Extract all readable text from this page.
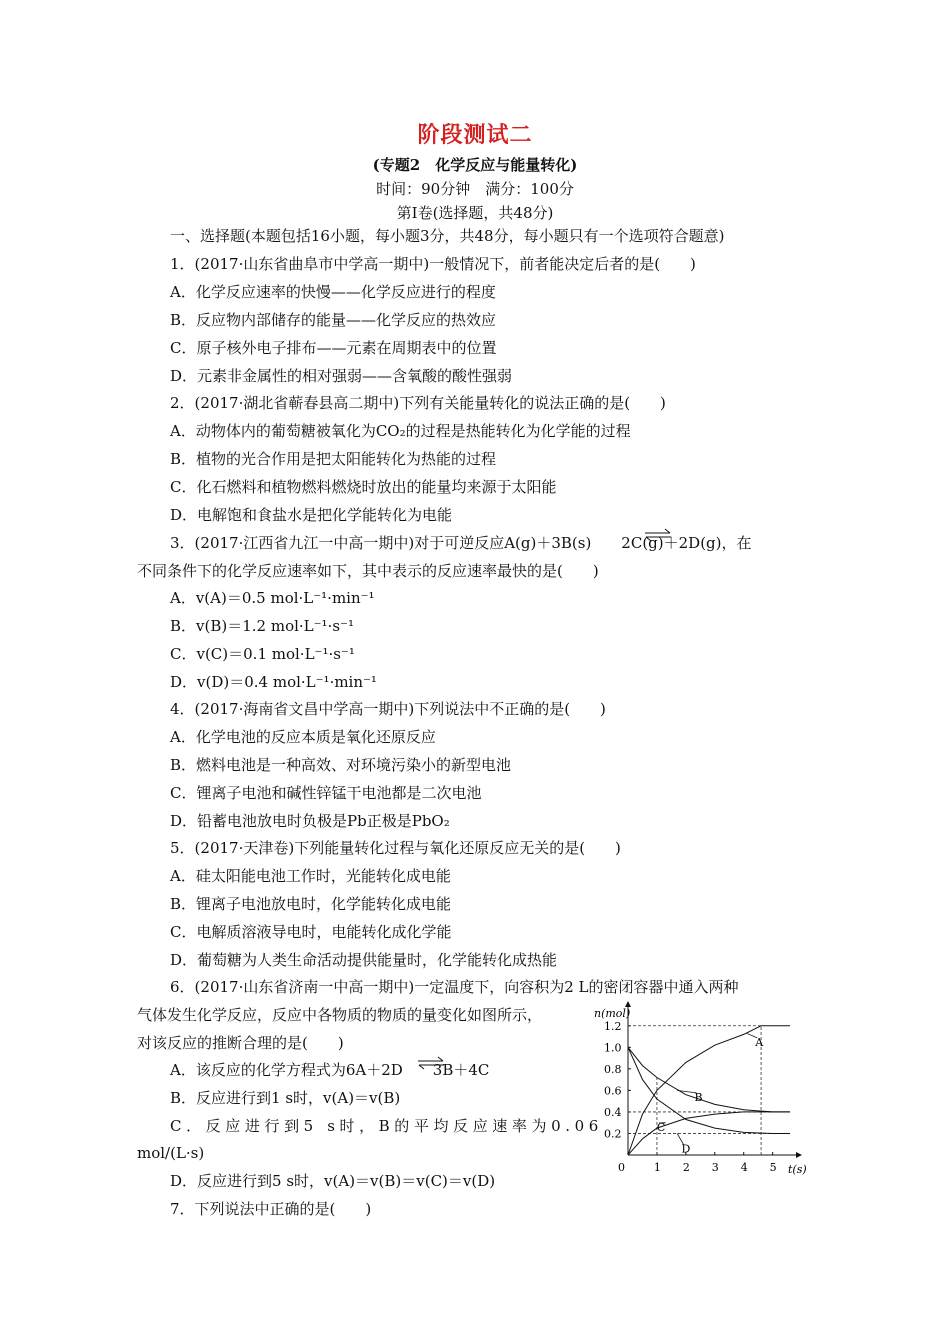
阶段测试二
(专题2　化学反应与能量转化)
时间：90分钟　满分：100分
第Ⅰ卷(选择题，共48分)
一、选择题(本题包括16小题，每小题3分，共48分，每小题只有一个选项符合题意)
1．(2017·山东省曲阜市中学高一期中)一般情况下，前者能决定后者的是(　　)
A．化学反应速率的快慢——化学反应进行的程度
B．反应物内部储存的能量——化学反应的热效应
C．原子核外电子排布——元素在周期表中的位置
D．元素非金属性的相对强弱——含氧酸的酸性强弱
2．(2017·湖北省蕲春县高二期中)下列有关能量转化的说法正确的是(　　)
A．动物体内的葡萄糖被氧化为CO₂的过程是热能转化为化学能的过程
B．植物的光合作用是把太阳能转化为热能的过程
C．化石燃料和植物燃料燃烧时放出的能量均来源于太阳能
D．电解饱和食盐水是把化学能转化为电能
3．(2017·江西省九江一中高一期中)对于可逆反应A(g)＋3B(s)　　2C(g)＋2D(g)，在
不同条件下的化学反应速率如下，其中表示的反应速率最快的是(　　)
A．v(A)＝0.5 mol·L⁻¹·min⁻¹
B．v(B)＝1.2 mol·L⁻¹·s⁻¹
C．v(C)＝0.1 mol·L⁻¹·s⁻¹
D．v(D)＝0.4 mol·L⁻¹·min⁻¹
4．(2017·海南省文昌中学高一期中)下列说法中不正确的是(　　)
A．化学电池的反应本质是氧化还原反应
B．燃料电池是一种高效、对环境污染小的新型电池
C．锂离子电池和碱性锌锰干电池都是二次电池
D．铅蓄电池放电时负极是Pb正极是PbO₂
5．(2017·天津卷)下列能量转化过程与氧化还原反应无关的是(　　)
A．硅太阳能电池工作时，光能转化成电能
B．锂离子电池放电时，化学能转化成电能
C．电解质溶液导电时，电能转化成化学能
D．葡萄糖为人类生命活动提供能量时，化学能转化成热能
6．(2017·山东省济南一中高一期中)一定温度下，向容积为2 L的密闭容器中通入两种
气体发生化学反应，反应中各物质的物质的量变化如图所示，
对该反应的推断合理的是(　　)
A．该反应的化学方程式为6A＋2D　　3B＋4C
B．反应进行到1 s时，v(A)＝v(B)
C．反应进行到5 s时，B的平均反应速率为0.06
mol/(L·s)
D．反应进行到5 s时，v(A)＝v(B)＝v(C)＝v(D)
7．下列说法中正确的是(　　)
n(mol)
t(s)
0.2
0.4
0.6
0.8
1.0
1.2
0	1 2 3 4 5
A
B
C
D
